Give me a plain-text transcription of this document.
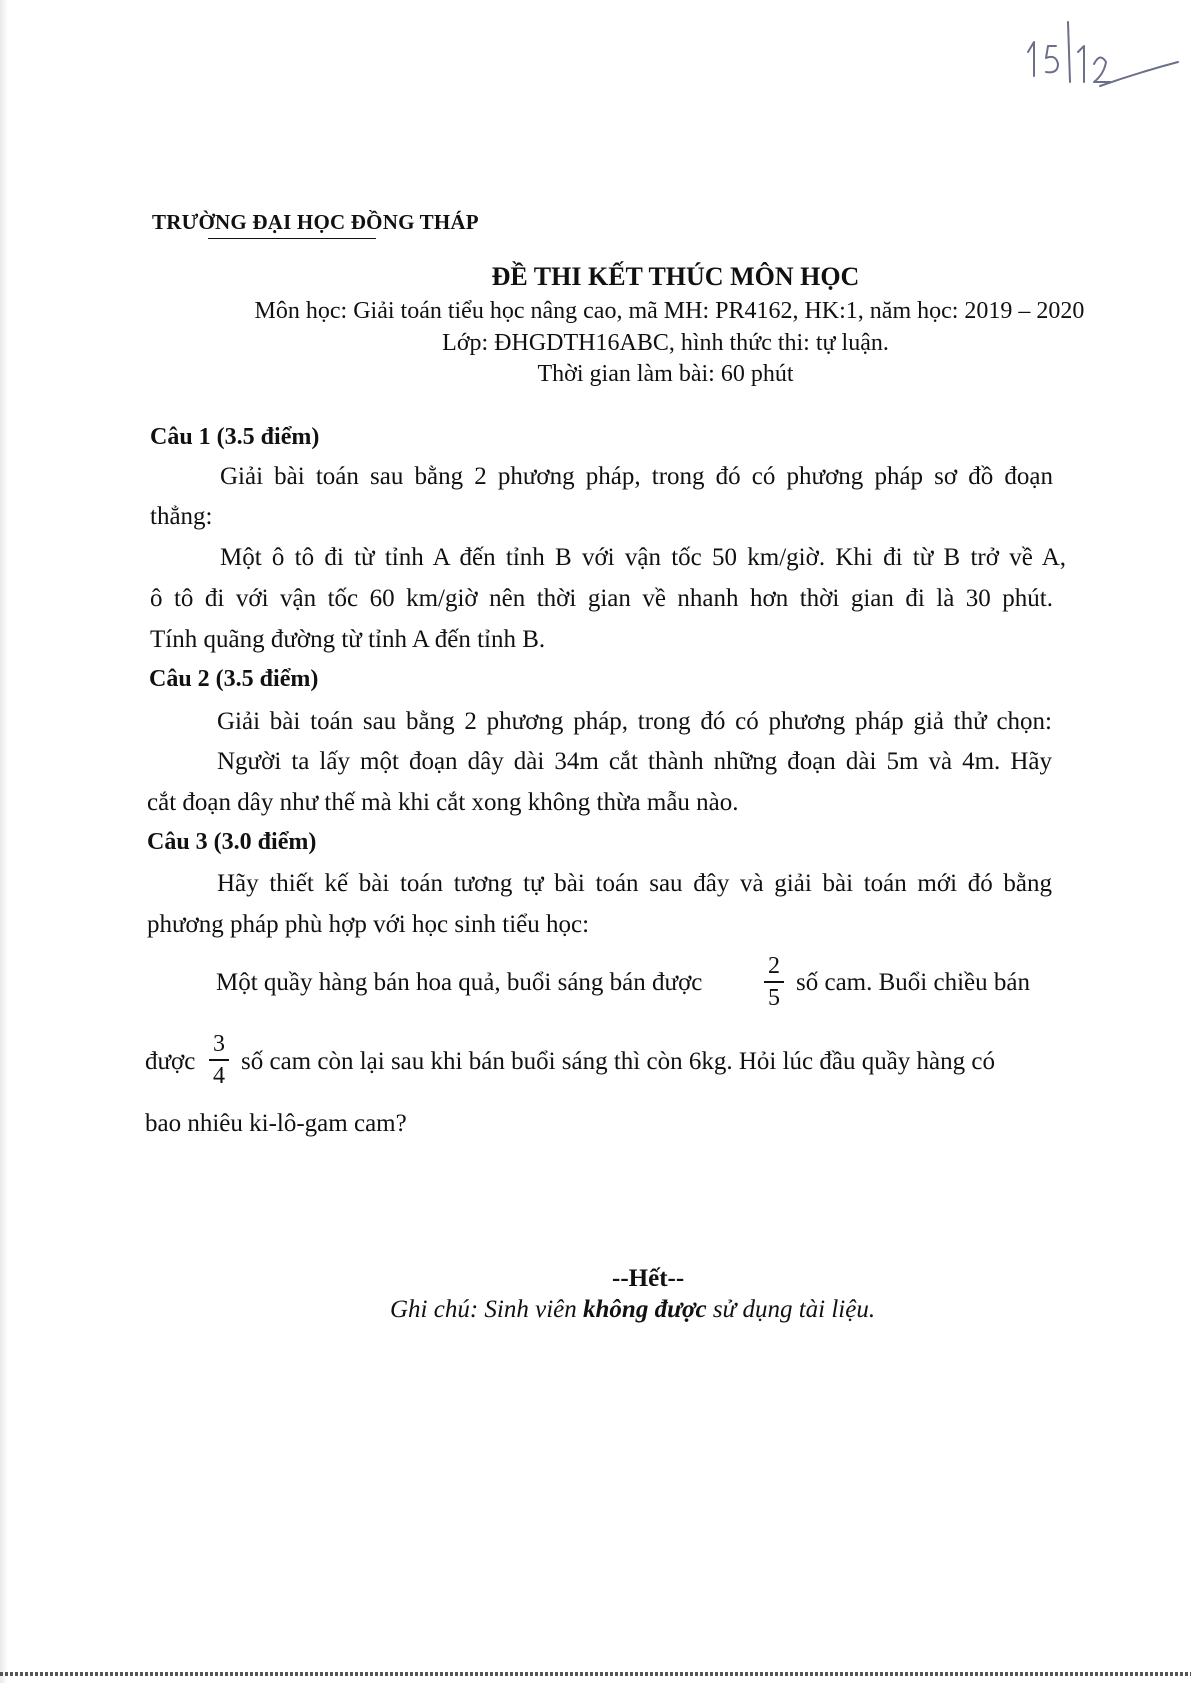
TRƯỜNG ĐẠI HỌC ĐỒNG THÁP
ĐỀ THI KẾT THÚC MÔN HỌC
Môn học: Giải toán tiểu học nâng cao, mã MH: PR4162, HK:1, năm học: 2019 – 2020
Lớp: ĐHGDTH16ABC, hình thức thi: tự luận.
Thời gian làm bài: 60 phút
Câu 1 (3.5 điểm)
Giải bài toán sau bằng 2 phương pháp, trong đó có phương pháp sơ đồ đoạn
thẳng:
Một ô tô đi từ tỉnh A đến tỉnh B với vận tốc 50 km/giờ. Khi đi từ B trở về A,
ô tô đi với vận tốc 60 km/giờ nên thời gian về nhanh hơn thời gian đi là 30 phút.
Tính quãng đường từ tỉnh A đến tỉnh B.
Câu 2 (3.5 điểm)
Giải bài toán sau bằng 2 phương pháp, trong đó có phương pháp giả thử chọn:
Người ta lấy một đoạn dây dài 34m cắt thành những đoạn dài 5m và 4m. Hãy
cắt đoạn dây như thế mà khi cắt xong không thừa mẫu nào.
Câu 3 (3.0 điểm)
Hãy thiết kế bài toán tương tự bài toán sau đây và giải bài toán mới đó bằng
phương pháp phù hợp với học sinh tiểu học:
Một quầy hàng bán hoa quả, buổi sáng bán được
2
5
số cam. Buổi chiều bán
được
3
4
số cam còn lại sau khi bán buổi sáng thì còn 6kg. Hỏi lúc đầu quầy hàng có
bao nhiêu ki-lô-gam cam?
--Hết--
Ghi chú: Sinh viên không được sử dụng tài liệu.
